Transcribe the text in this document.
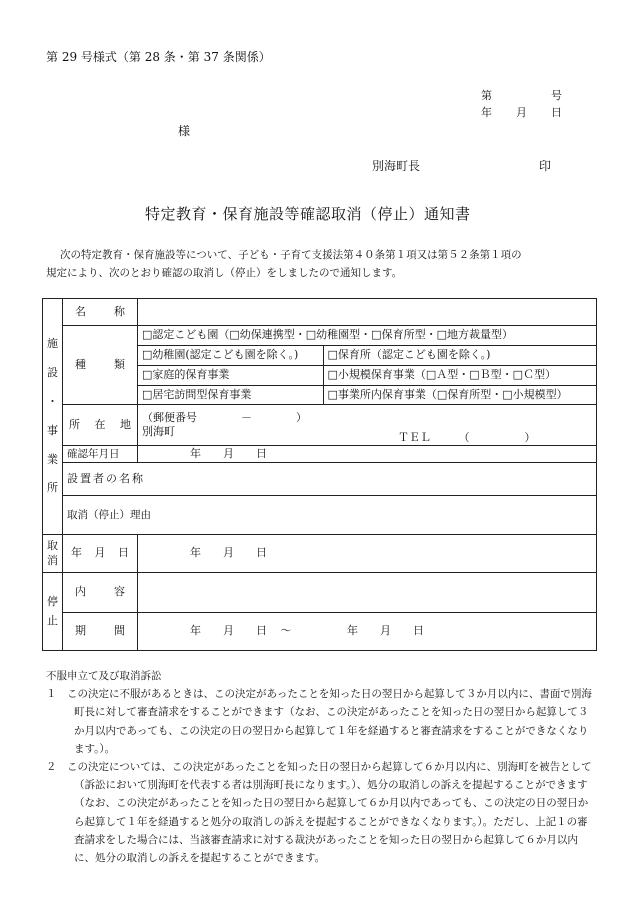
第 29 号様式（第 28 条・第 37 条関係）
第	号
年 月 日
様
別海町長	印
特定教育・保育施設等確認取消（停止）通知書
次の特定教育・保育施設等について、子ども・子育て支援法第４０条第１項又は第５２条第１項の
規定により、次のとおり確認の取消し（停止）をしましたので通知します。
施
設
・
事
業
所

名	称

種	類

□認定こども園（□幼保連携型・□幼稚園型・□保育所型・□地方裁量型）
□幼稚園(認定こども園を除く。)	□保育所（認定こども園を除く。)
□家庭的保育事業	□小規模保育事業（□Ａ型・□Ｂ型・□Ｃ型）
□居宅訪問型保育事業	□事業所内保育事業（□保育所型・□小規模型）

所 在 地

（郵便番号　　　　－　　　　）
別海町	ＴＥＬ　　　（　　　　　）

確認年月日	年 月 日

設置者の名称	
取消（停止）理由	

取
消

年 月 日	年 月 日

停
止

内	容

期	間	年 月 日 ～	年 月 日

不服申立て及び取消訴訟

１　この決定に不服があるときは、この決定があったことを知った日の翌日から起算して３か月以内に、書面で別海町長に対して審査請求をすることができます（なお、この決定があったことを知った日の翌日から起算して３か月以内であっても、この決定の日の翌日から起算して１年を経過すると審査請求をすることができなくなります。）。

２　この決定については、この決定があったことを知った日の翌日から起算して６か月以内に、別海町を被告として（訴訟において別海町を代表する者は別海町長になります。）、処分の取消しの訴えを提起することができます（なお、この決定があったことを知った日の翌日から起算して６か月以内であっても、この決定の日の翌日から起算して１年を経過すると処分の取消しの訴えを提起することができなくなります。）。ただし、上記１の審査請求をした場合には、当該審査請求に対する裁決があったことを知った日の翌日から起算して６か月以内に、処分の取消しの訴えを提起することができます。
